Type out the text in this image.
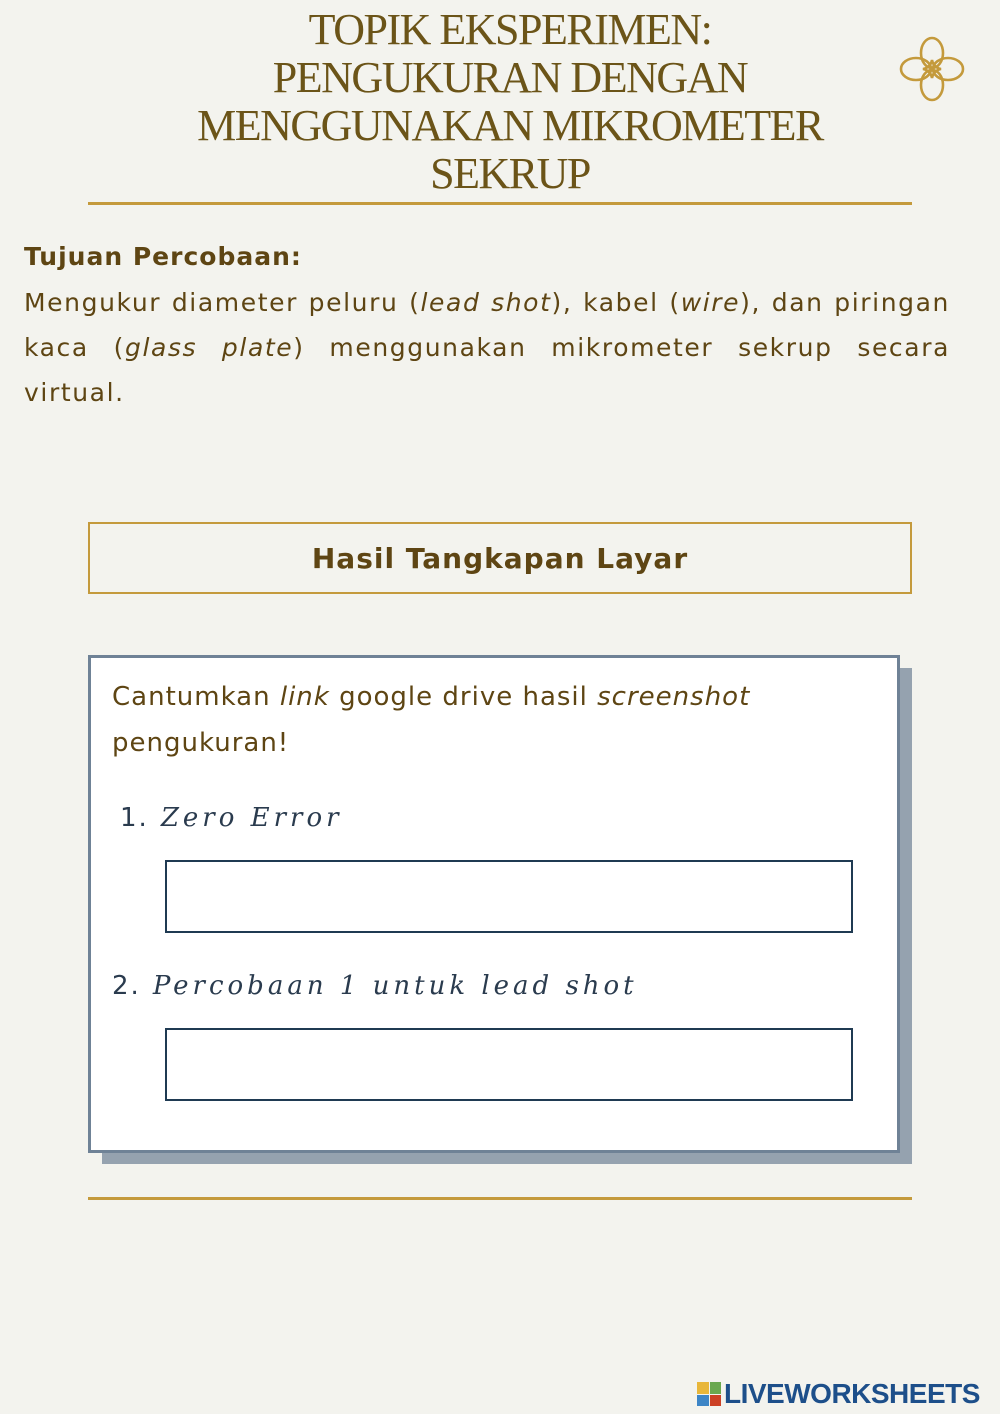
TOPIK EKSPERIMEN:
PENGUKURAN DENGAN
MENGGUNAKAN MIKROMETER
SEKRUP
Tujuan Percobaan:
Mengukur diameter peluru (lead shot), kabel (wire), dan piringan kaca (glass plate) menggunakan mikrometer sekrup secara virtual.
Hasil Tangkapan Layar
Cantumkan link google drive hasil screenshot pengukuran!
1. Zero Error
2. Percobaan 1 untuk lead shot
LIVEWORKSHEETS
